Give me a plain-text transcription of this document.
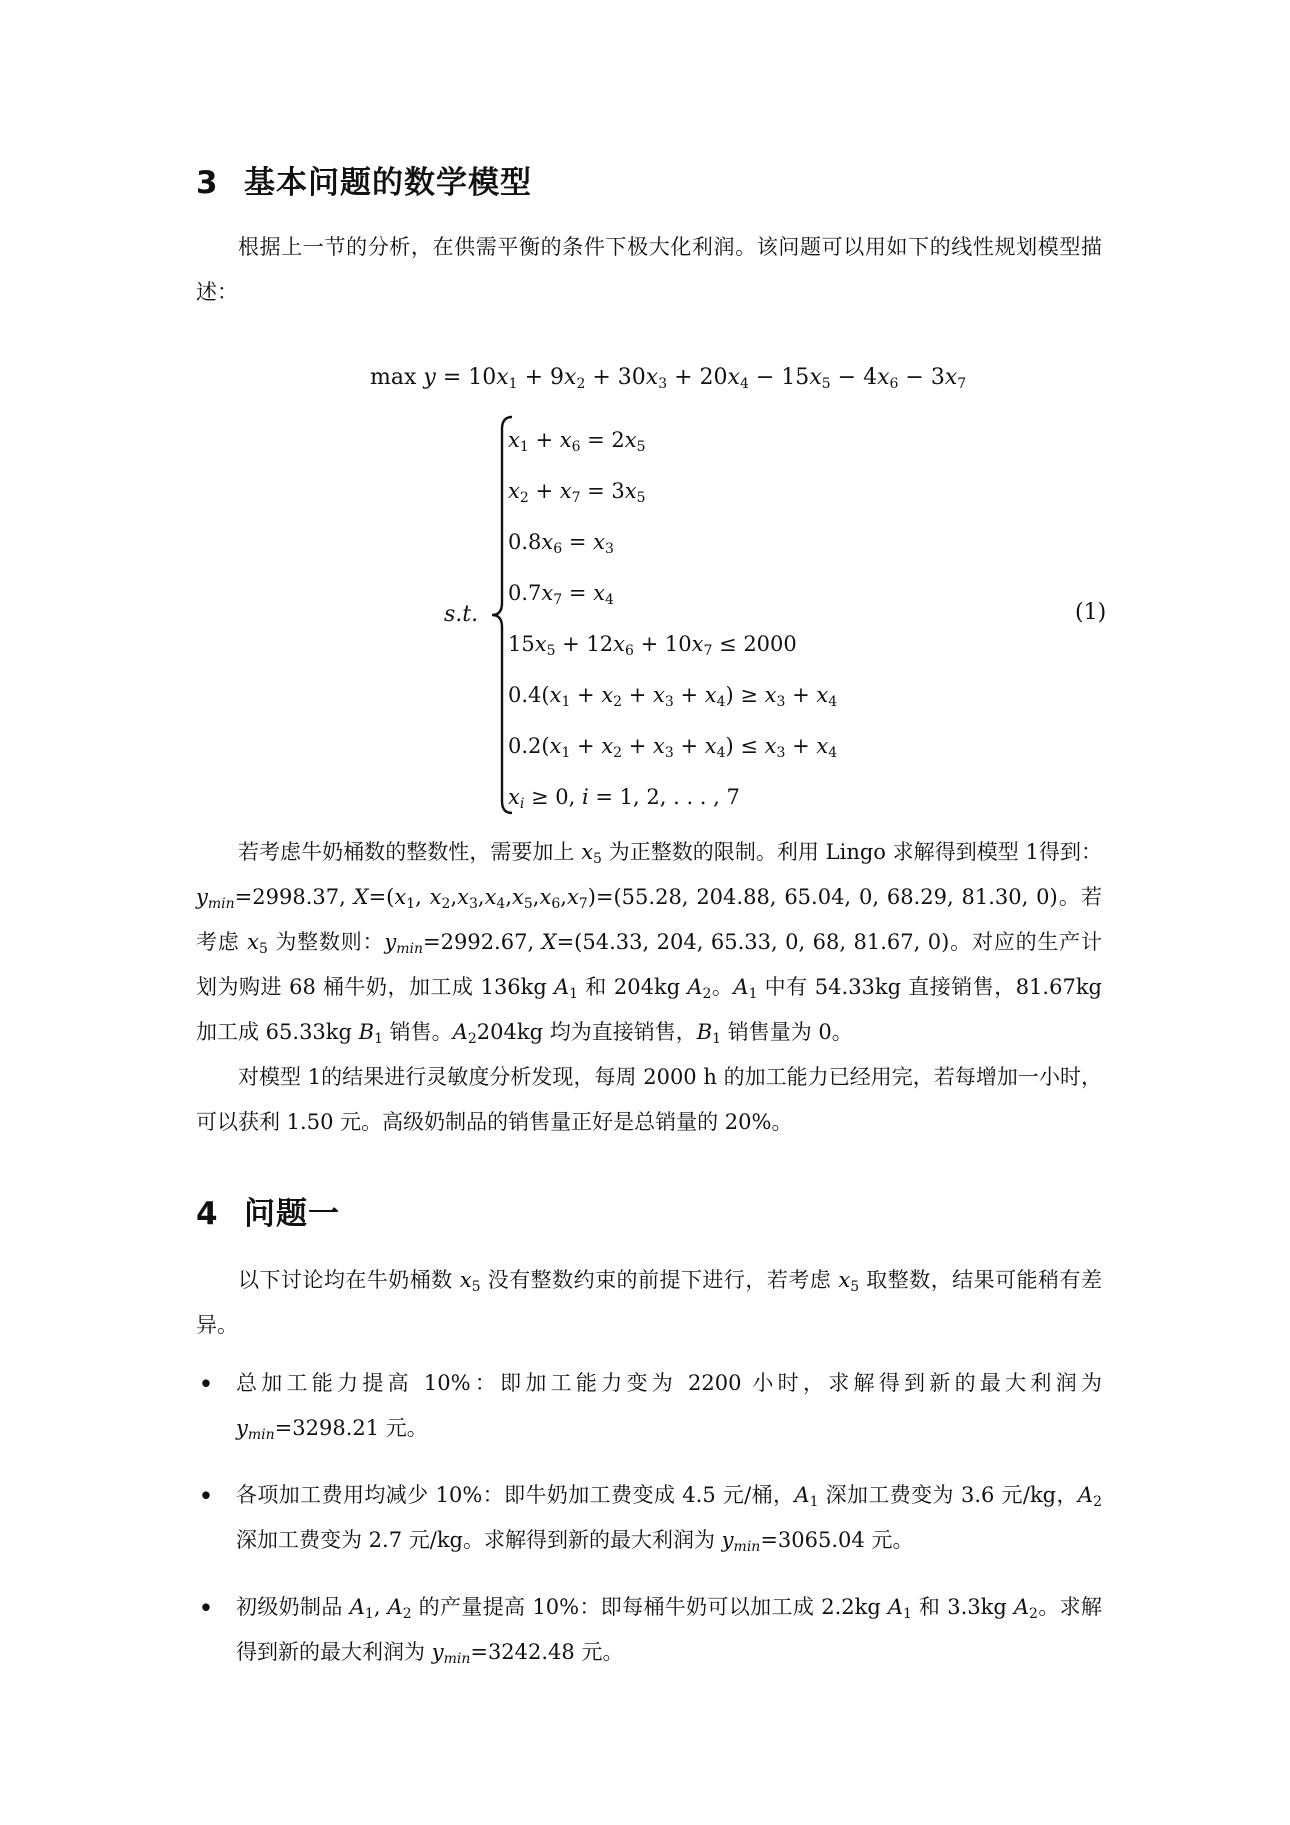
3 基本问题的数学模型
根据上一节的分析，在供需平衡的条件下极大化利润。该问题可以用如下的线性规划模型描述：
$\max y = 10x_1 + 9x_2 + 30x_3 + 20x_4 - 15x_5 - 4x_6 - 3x_7$
s.t.	(1)
$x_1 + x_6 = 2x_5$
$x_2 + x_7 = 3x_5$
$0.8x_6 = x_3$
$0.7x_7 = x_4$
$15x_5 + 12x_6 + 10x_7 \le 2000$
$0.4(x_1 + x_2 + x_3 + x_4) \ge x_3 + x_4$
$0.2(x_1 + x_2 + x_3 + x_4) \le x_3 + x_4$
$x_i \ge 0$, i = 1, 2, . . . , 7
若考虑牛奶桶数的整数性，需要加上 $x_5$ 为正整数的限制。利用 Lingo 求解得到模型 1得到：$y_{min}=2998.37$, $X=(x_1$, $x_2,x_3,x_4,x_5,x_6,x_7)=(55.28$, 204.88, 65.04, 0, 68.29, 81.30, 0)。若考虑 $x_5$ 为整数则：$y_{min}=2992.67$, X=(54.33, 204, 65.33, 0, 68, 81.67, 0)。对应的生产计划为购进 68 桶牛奶，加工成 136kg $A_1$ 和 204kg $A_2$。$A_1$ 中有 54.33kg 直接销售，81.67kg 加工成 65.33kg $B_1$ 销售。$A_2204kg$ 均为直接销售，$B_1$ 销售量为 0。
对模型 1的结果进行灵敏度分析发现，每周 2000 h 的加工能力已经用完，若每增加一小时，可以获利 1.50 元。高级奶制品的销售量正好是总销量的 20%。
4 问题一
以下讨论均在牛奶桶数 $x_5$ 没有整数约束的前提下进行，若考虑 $x_5$ 取整数，结果可能稍有差异。
• 总加工能力提高 10%：即加工能力变为 2200 小时，求解得到新的最大利润为 $y_{min}=3298.21$ 元。
• 各项加工费用均减少 10%：即牛奶加工费变成 4.5 元/桶，$A_1$ 深加工费变为 3.6 元/kg，$A_2$ 深加工费变为 2.7 元/kg。求解得到新的最大利润为 $y_{min}=3065.04$ 元。
• 初级奶制品 $A_1$, $A_2$ 的产量提高 10%：即每桶牛奶可以加工成 2.2kg $A_1$ 和 3.3kg $A_2$。求解得到新的最大利润为 $y_{min}=3242.48$ 元。
